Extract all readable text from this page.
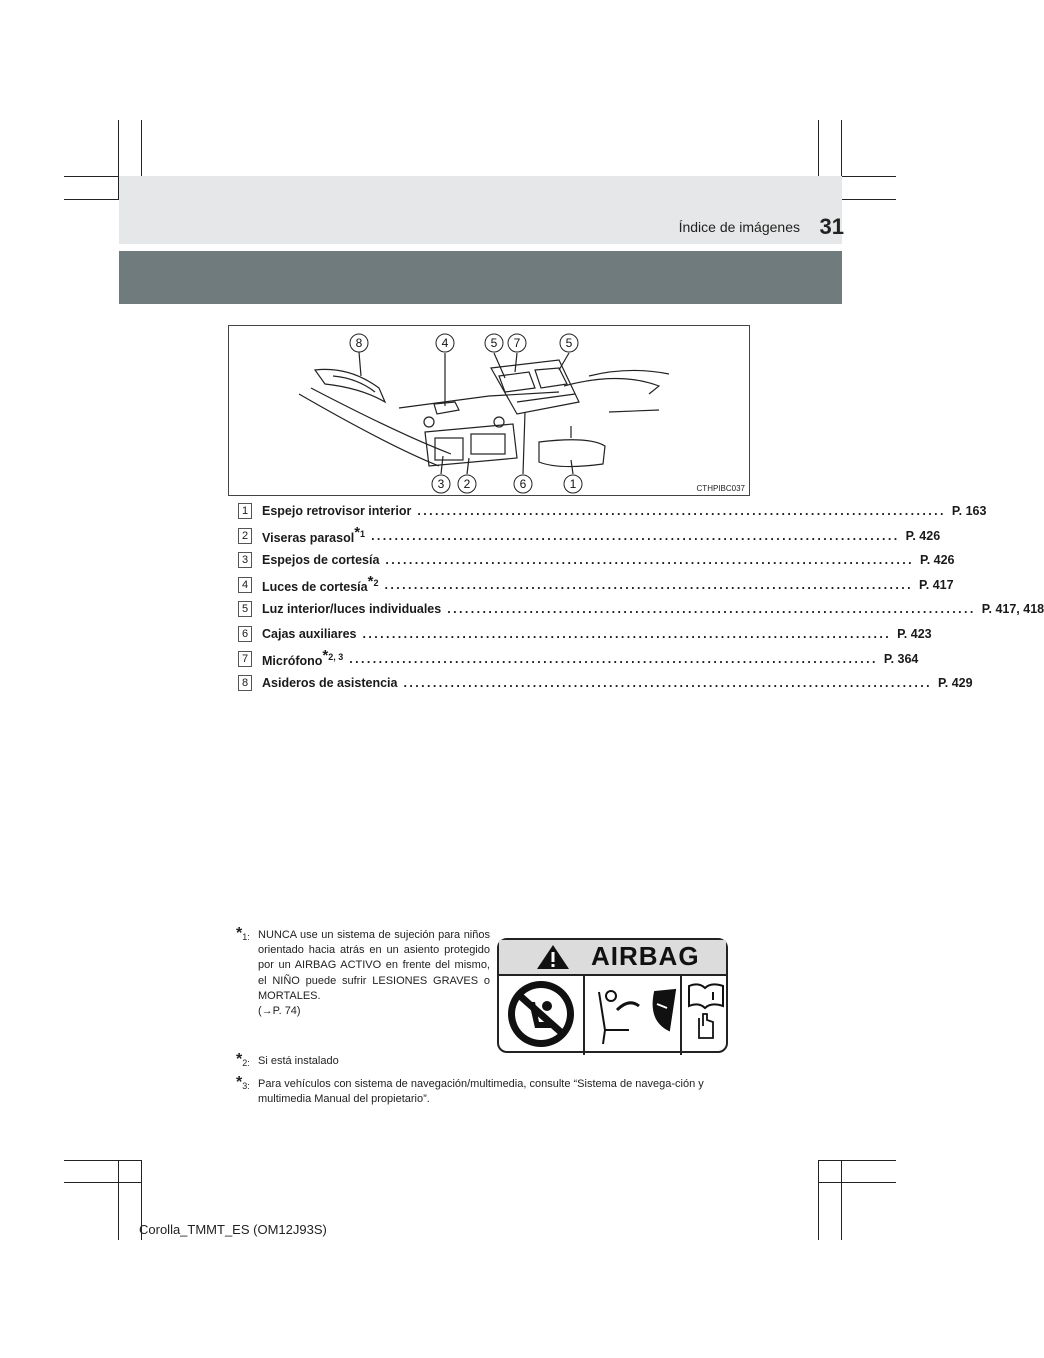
Índice de imágenes 31
8	4	5 7	5
3 2	6	1	CTHPIBC037
1	Espejo retrovisor interior .......................................................................................... P. 163
2	Viseras parasol$^{*1}$ .......................................................................................... P. 426
3	Espejos de cortesía .......................................................................................... P. 426
4	Luces de cortesía$^{*2}$ .......................................................................................... P. 417
5	Luz interior/luces individuales .......................................................................................... P. 417, 418
6	Cajas auxiliares .......................................................................................... P. 423
7	Micrófono$^{*2, 3}$ .......................................................................................... P. 364
8	Asideros de asistencia .......................................................................................... P. 429
*1: NUNCA use un sistema de sujeción para niños orientado hacia atrás en un asiento protegido por un AIRBAG ACTIVO en frente del mismo, el NIÑO puede sufrir LESIONES GRAVES o MORTALES.
(→P. 74)
*2: Si está instalado
*3: Para vehículos con sistema de navegación/multimedia, consulte “Sistema de navega-ción y multimedia Manual del propietario”.
AIRBAG
Corolla_TMMT_ES (OM12J93S)
